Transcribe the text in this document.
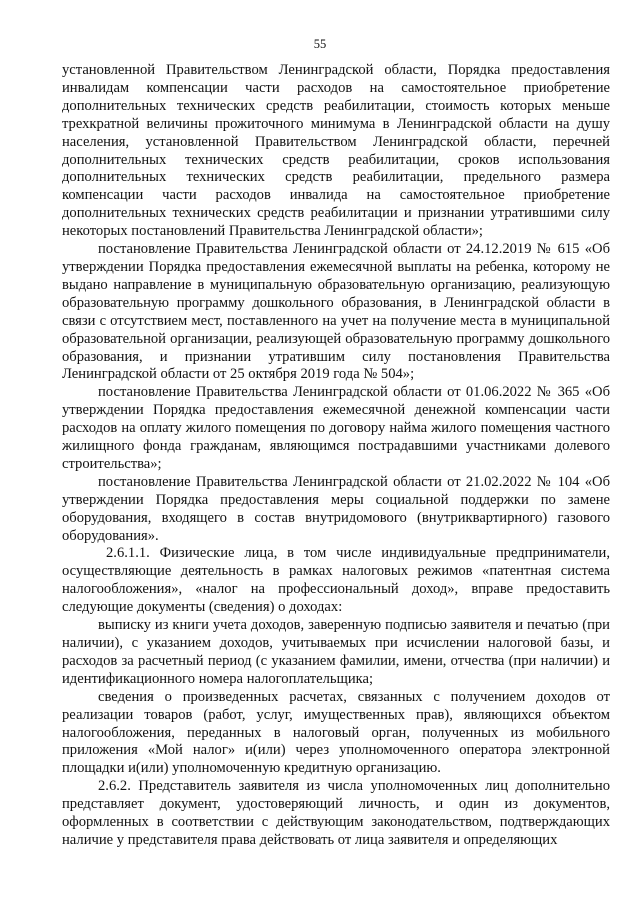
55

установленной Правительством Ленинградской области, Порядка предоставления инвалидам компенсации части расходов на самостоятельное приобретение дополнительных технических средств реабилитации, стоимость которых меньше трехкратной величины прожиточного минимума в Ленинградской области на душу населения, установленной Правительством Ленинградской области, перечней дополнительных технических средств реабилитации, сроков использования дополнительных технических средств реабилитации, предельного размера компенсации части расходов инвалида на самостоятельное приобретение дополнительных технических средств реабилитации и признании утратившими силу некоторых постановлений Правительства Ленинградской области»;

постановление Правительства Ленинградской области от 24.12.2019 № 615 «Об утверждении Порядка предоставления ежемесячной выплаты на ребенка, которому не выдано направление в муниципальную образовательную организацию, реализующую образовательную программу дошкольного образования, в Ленинградской области в связи с отсутствием мест, поставленного на учет на получение места в муниципальной образовательной организации, реализующей образовательную программу дошкольного образования, и признании утратившим силу постановления Правительства Ленинградской области от 25 октября 2019 года № 504»;

постановление Правительства Ленинградской области от 01.06.2022 № 365 «Об утверждении Порядка предоставления ежемесячной денежной компенсации части расходов на оплату жилого помещения по договору найма жилого помещения частного жилищного фонда гражданам, являющимся пострадавшими участниками долевого строительства»;

постановление Правительства Ленинградской области от 21.02.2022 № 104 «Об утверждении Порядка предоставления меры социальной поддержки по замене оборудования, входящего в состав внутридомового (внутриквартирного) газового оборудования».

2.6.1.1. Физические лица, в том числе индивидуальные предприниматели, осуществляющие деятельность в рамках налоговых режимов «патентная система налогообложения», «налог на профессиональный доход», вправе предоставить следующие документы (сведения) о доходах:

выписку из книги учета доходов, заверенную подписью заявителя и печатью (при наличии), с указанием доходов, учитываемых при исчислении налоговой базы, и расходов за расчетный период (с указанием фамилии, имени, отчества (при наличии) и идентификационного номера налогоплательщика;

сведения о произведенных расчетах, связанных с получением доходов от реализации товаров (работ, услуг, имущественных прав), являющихся объектом налогообложения, переданных в налоговый орган, полученных из мобильного приложения «Мой налог» и(или) через уполномоченного оператора электронной площадки и(или) уполномоченную кредитную организацию.

2.6.2. Представитель заявителя из числа уполномоченных лиц дополнительно представляет документ, удостоверяющий личность, и один из документов, оформленных в соответствии с действующим законодательством, подтверждающих наличие у представителя права действовать от лица заявителя и определяющих
